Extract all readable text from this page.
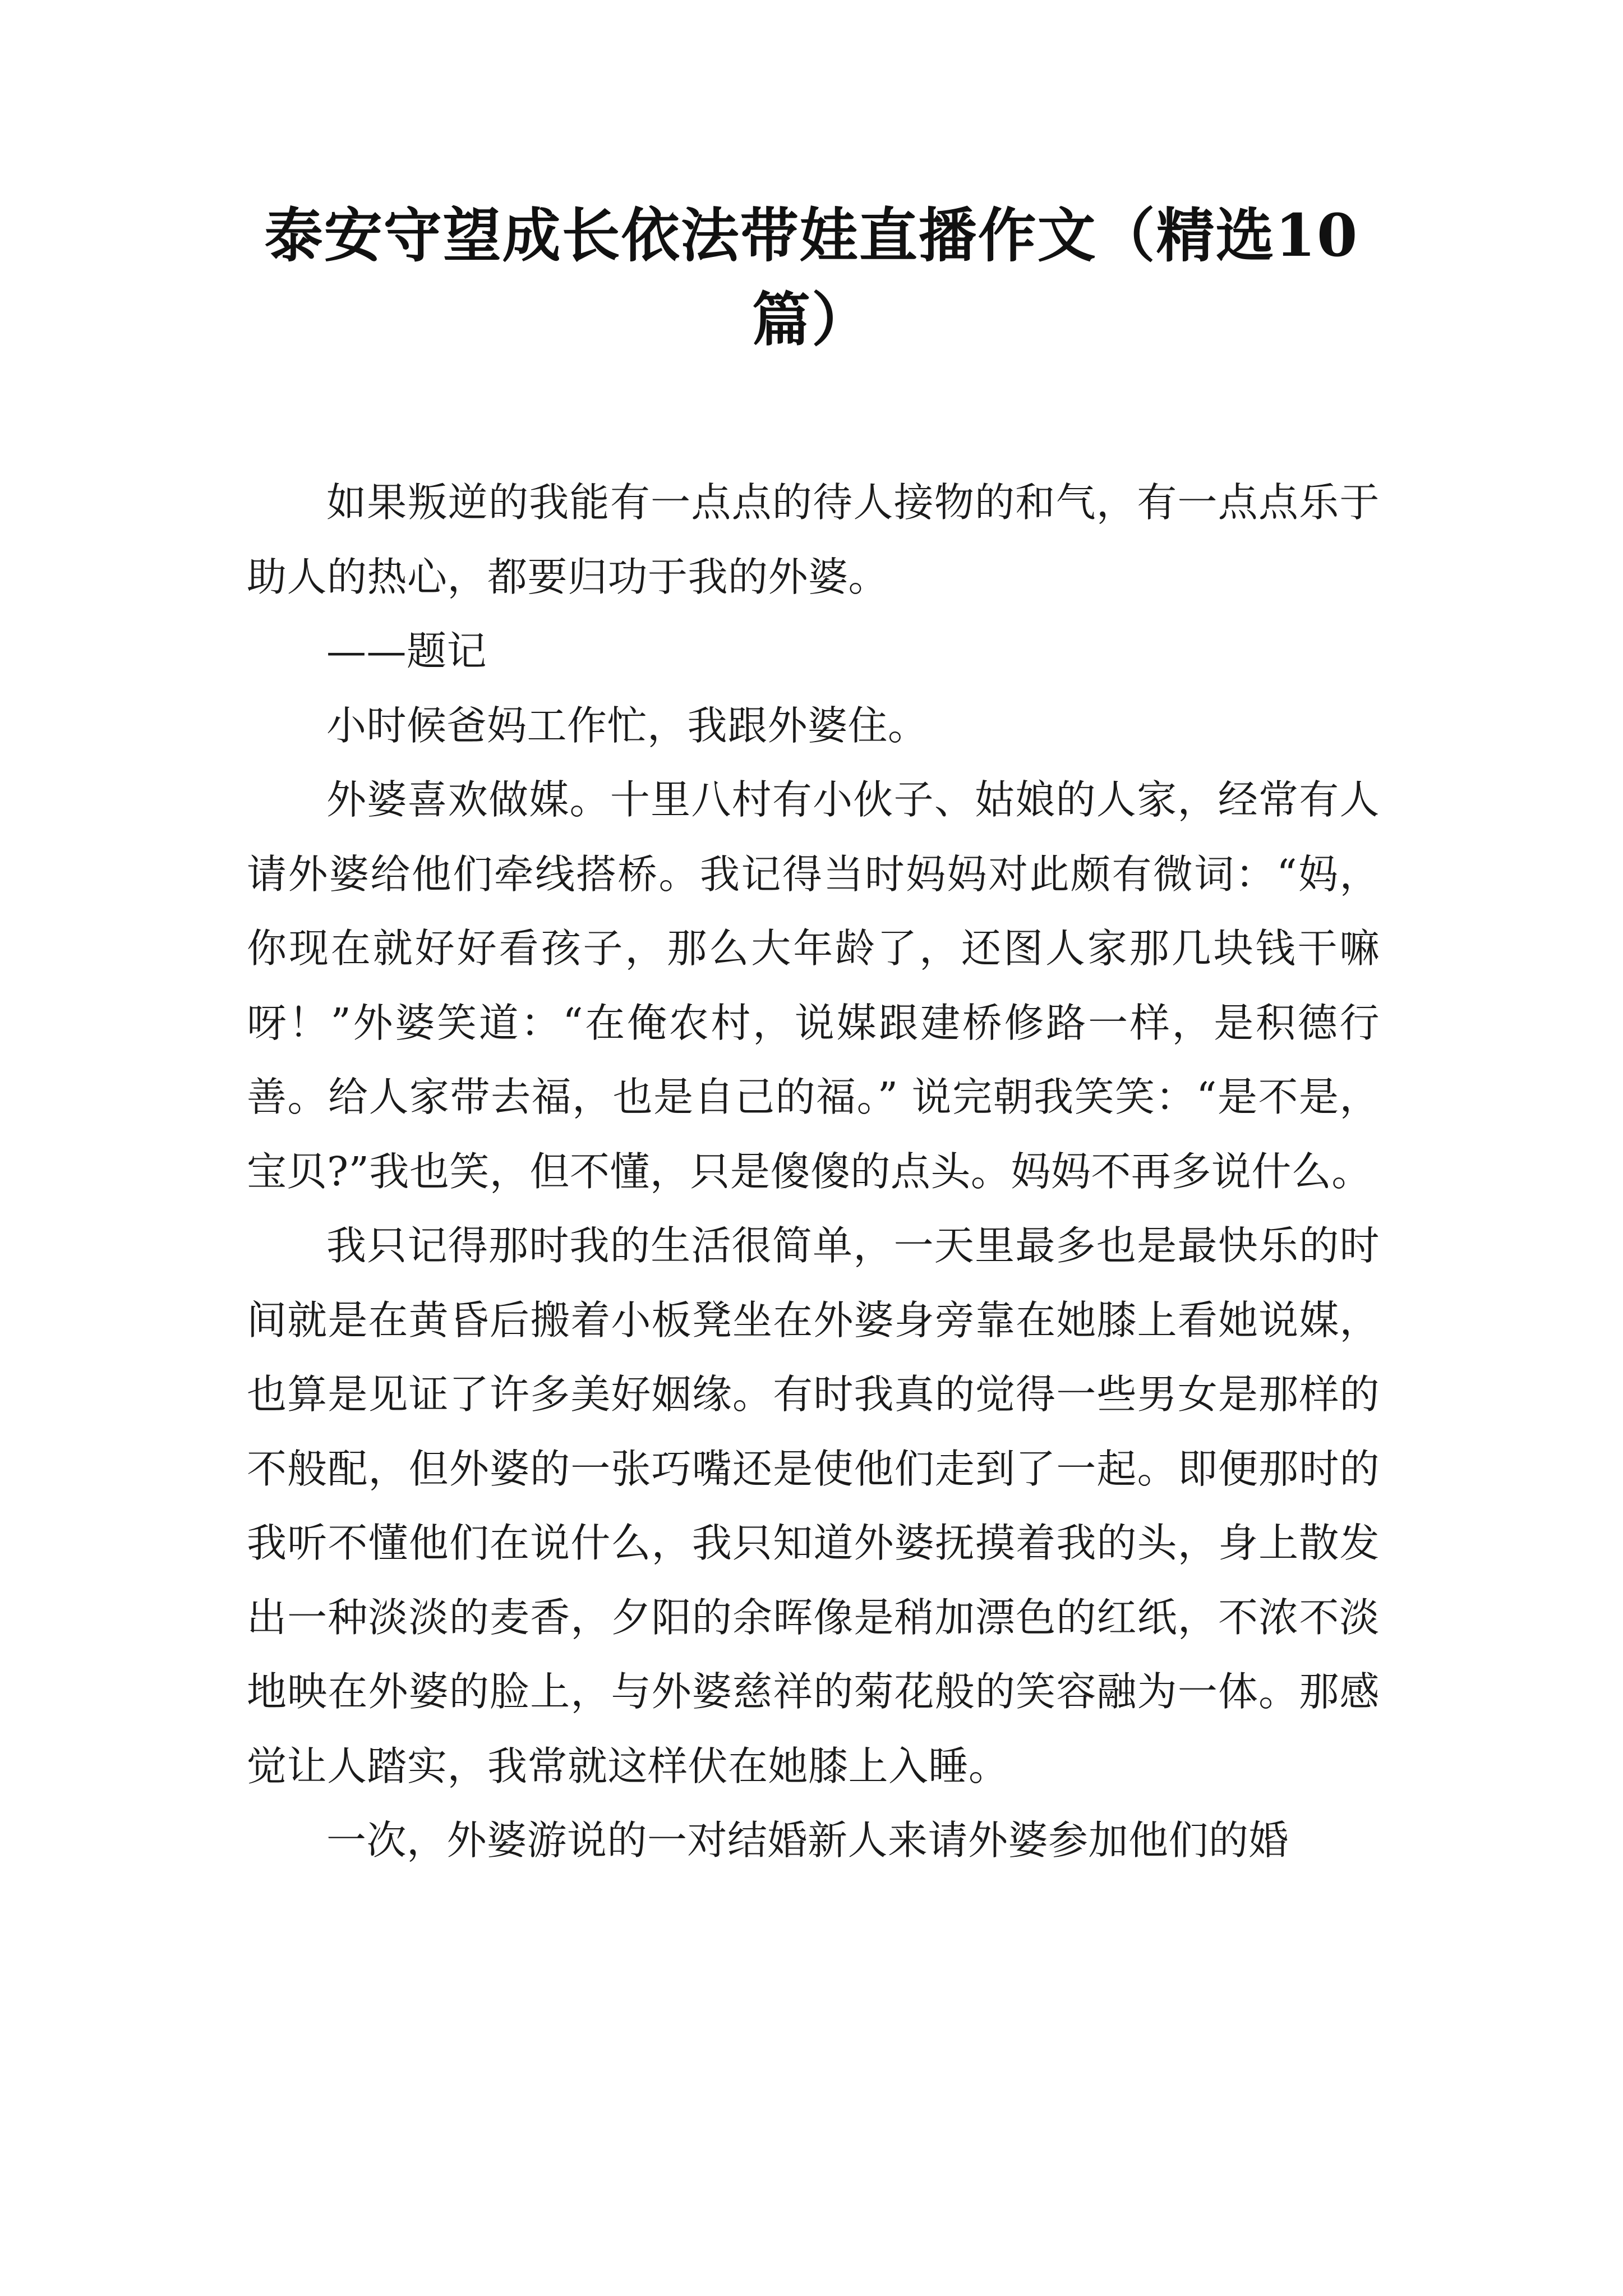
泰安守望成长依法带娃直播作文（精选10篇）

如果叛逆的我能有一点点的待人接物的和气，有一点点乐于助人的热心，都要归功于我的外婆。

——题记

小时候爸妈工作忙，我跟外婆住。

外婆喜欢做媒。十里八村有小伙子、姑娘的人家，经常有人请外婆给他们牵线搭桥。我记得当时妈妈对此颇有微词：“妈， 你现在就好好看孩子，那么大年龄了，还图人家那几块钱干嘛呀！”外婆笑道：“在俺农村，说媒跟建桥修路一样，是积德行善。给人家带去福，也是自己的福。” 说完朝我笑笑：“是不是，宝贝?”我也笑，但不懂，只是傻傻的点头。妈妈不再多说什么。

我只记得那时我的生活很简单，一天里最多也是最快乐的时间就是在黄昏后搬着小板凳坐在外婆身旁靠在她膝上看她说媒，也算是见证了许多美好姻缘。有时我真的觉得一些男女是那样的不般配，但外婆的一张巧嘴还是使他们走到了一起。即便那时的我听不懂他们在说什么，我只知道外婆抚摸着我的头，身上散发出一种淡淡的麦香，夕阳的余晖像是稍加漂色的红纸，不浓不淡地映在外婆的脸上，与外婆慈祥的菊花般的笑容融为一体。那感觉让人踏实，我常就这样伏在她膝上入睡。

一次，外婆游说的一对结婚新人来请外婆参加他们的婚
